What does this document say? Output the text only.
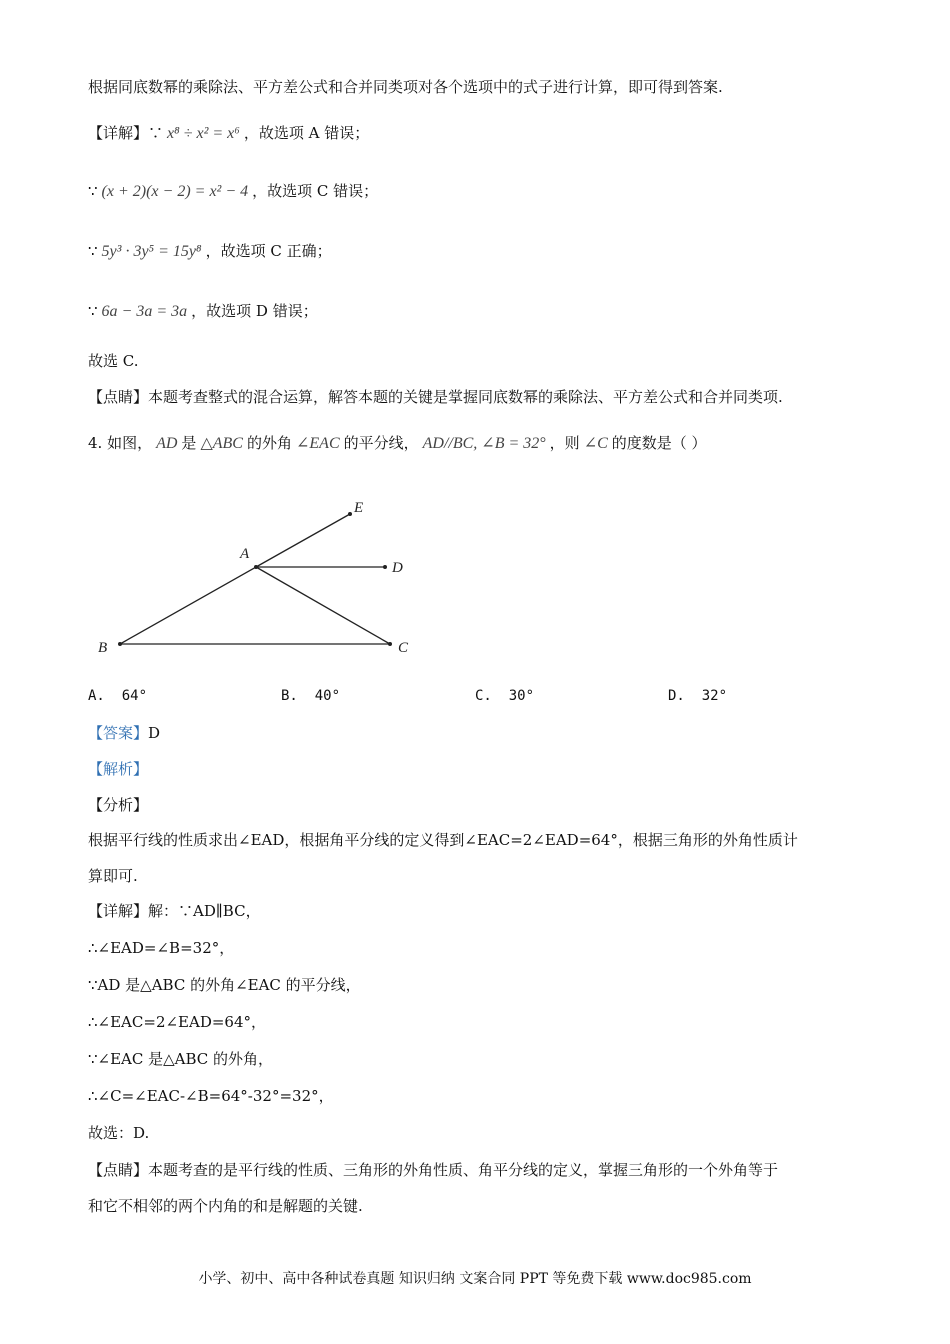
根据同底数幂的乘除法、平方差公式和合并同类项对各个选项中的式子进行计算，即可得到答案.
【详解】∵ x⁸ ÷ x² = x⁶ ，故选项 A 错误；
∵ (x + 2)(x − 2) = x² − 4 ，故选项 C 错误；
∵ 5y³ · 3y⁵ = 15y⁸ ，故选项 C 正确；
∵ 6a − 3a = 3a ，故选项 D 错误；
故选 C.
【点睛】本题考查整式的混合运算，解答本题的关键是掌握同底数幂的乘除法、平方差公式和合并同类项.
4. 如图， AD 是 △ABC 的外角 ∠EAC 的平分线， AD//BC, ∠B = 32° ，则 ∠C 的度数是（ ）
E
A
D
B	C
A. 64°	B. 40°	C. 30°	D. 32°
【答案】D
【解析】
【分析】
根据平行线的性质求出∠EAD，根据角平分线的定义得到∠EAC=2∠EAD=64°，根据三角形的外角性质计
算即可.
【详解】解：∵AD∥BC，
∴∠EAD=∠B=32°，
∵AD 是△ABC 的外角∠EAC 的平分线，
∴∠EAC=2∠EAD=64°，
∵∠EAC 是△ABC 的外角，
∴∠C=∠EAC-∠B=64°-32°=32°，
故选：D.
【点睛】本题考查的是平行线的性质、三角形的外角性质、角平分线的定义，掌握三角形的一个外角等于
和它不相邻的两个内角的和是解题的关键.
小学、初中、高中各种试卷真题 知识归纳 文案合同 PPT 等免费下载 www.doc985.com
